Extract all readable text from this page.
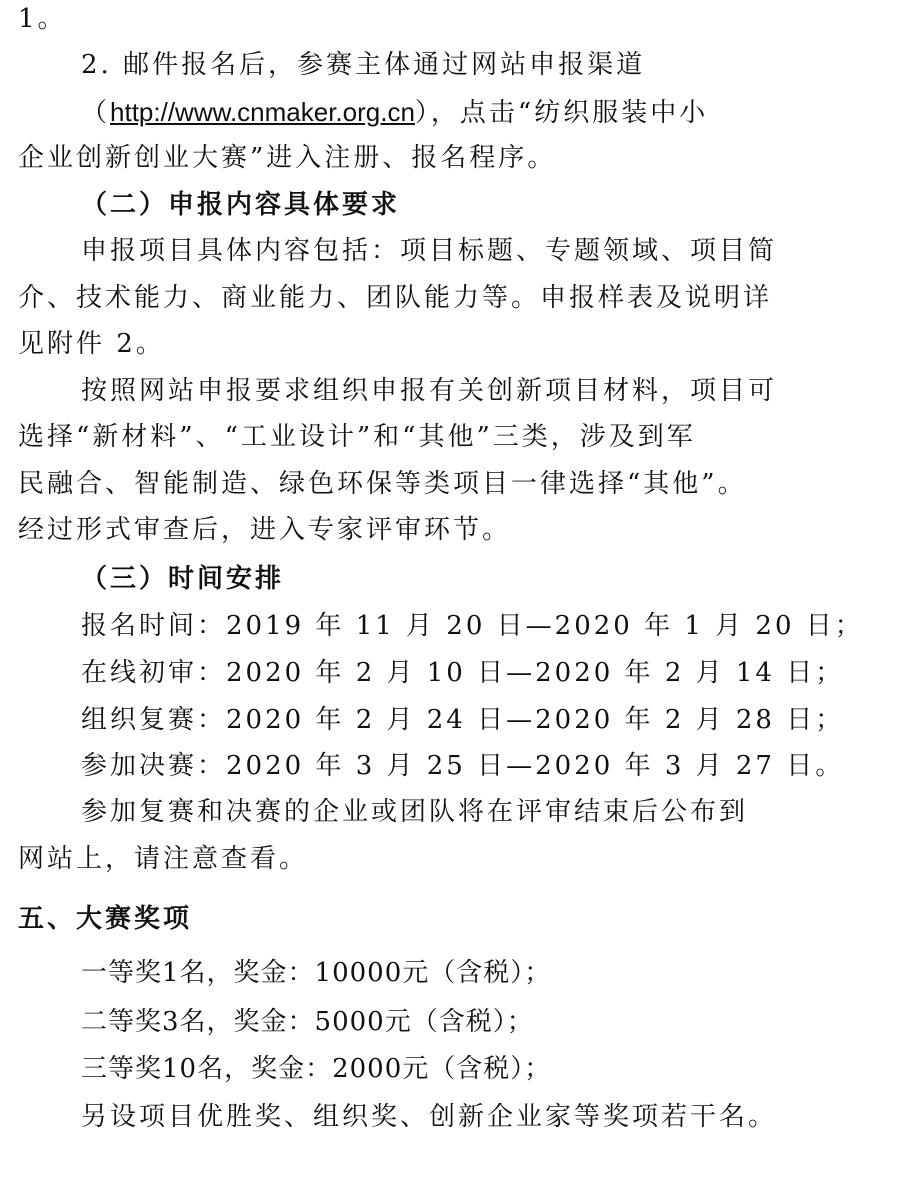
1。
2. 邮件报名后，参赛主体通过网站申报渠道
（http://www.cnmaker.org.cn），点击“纺织服装中小
企业创新创业大赛”进入注册、报名程序。
（二）申报内容具体要求
申报项目具体内容包括：项目标题、专题领域、项目简
介、技术能力、商业能力、团队能力等。申报样表及说明详
见附件 2。
按照网站申报要求组织申报有关创新项目材料，项目可
选择“新材料”、“工业设计”和“其他”三类，涉及到军
民融合、智能制造、绿色环保等类项目一律选择“其他”。
经过形式审查后，进入专家评审环节。
（三）时间安排
报名时间：2019 年 11 月 20 日—2020 年 1 月 20 日；
在线初审：2020 年 2 月 10 日—2020 年 2 月 14 日；
组织复赛：2020 年 2 月 24 日—2020 年 2 月 28 日；
参加决赛：2020 年 3 月 25 日—2020 年 3 月 27 日。
参加复赛和决赛的企业或团队将在评审结束后公布到
网站上，请注意查看。
五、大赛奖项
一等奖1名，奖金：10000元（含税）；
二等奖3名，奖金：5000元（含税）；
三等奖10名，奖金：2000元（含税）；
另设项目优胜奖、组织奖、创新企业家等奖项若干名。
